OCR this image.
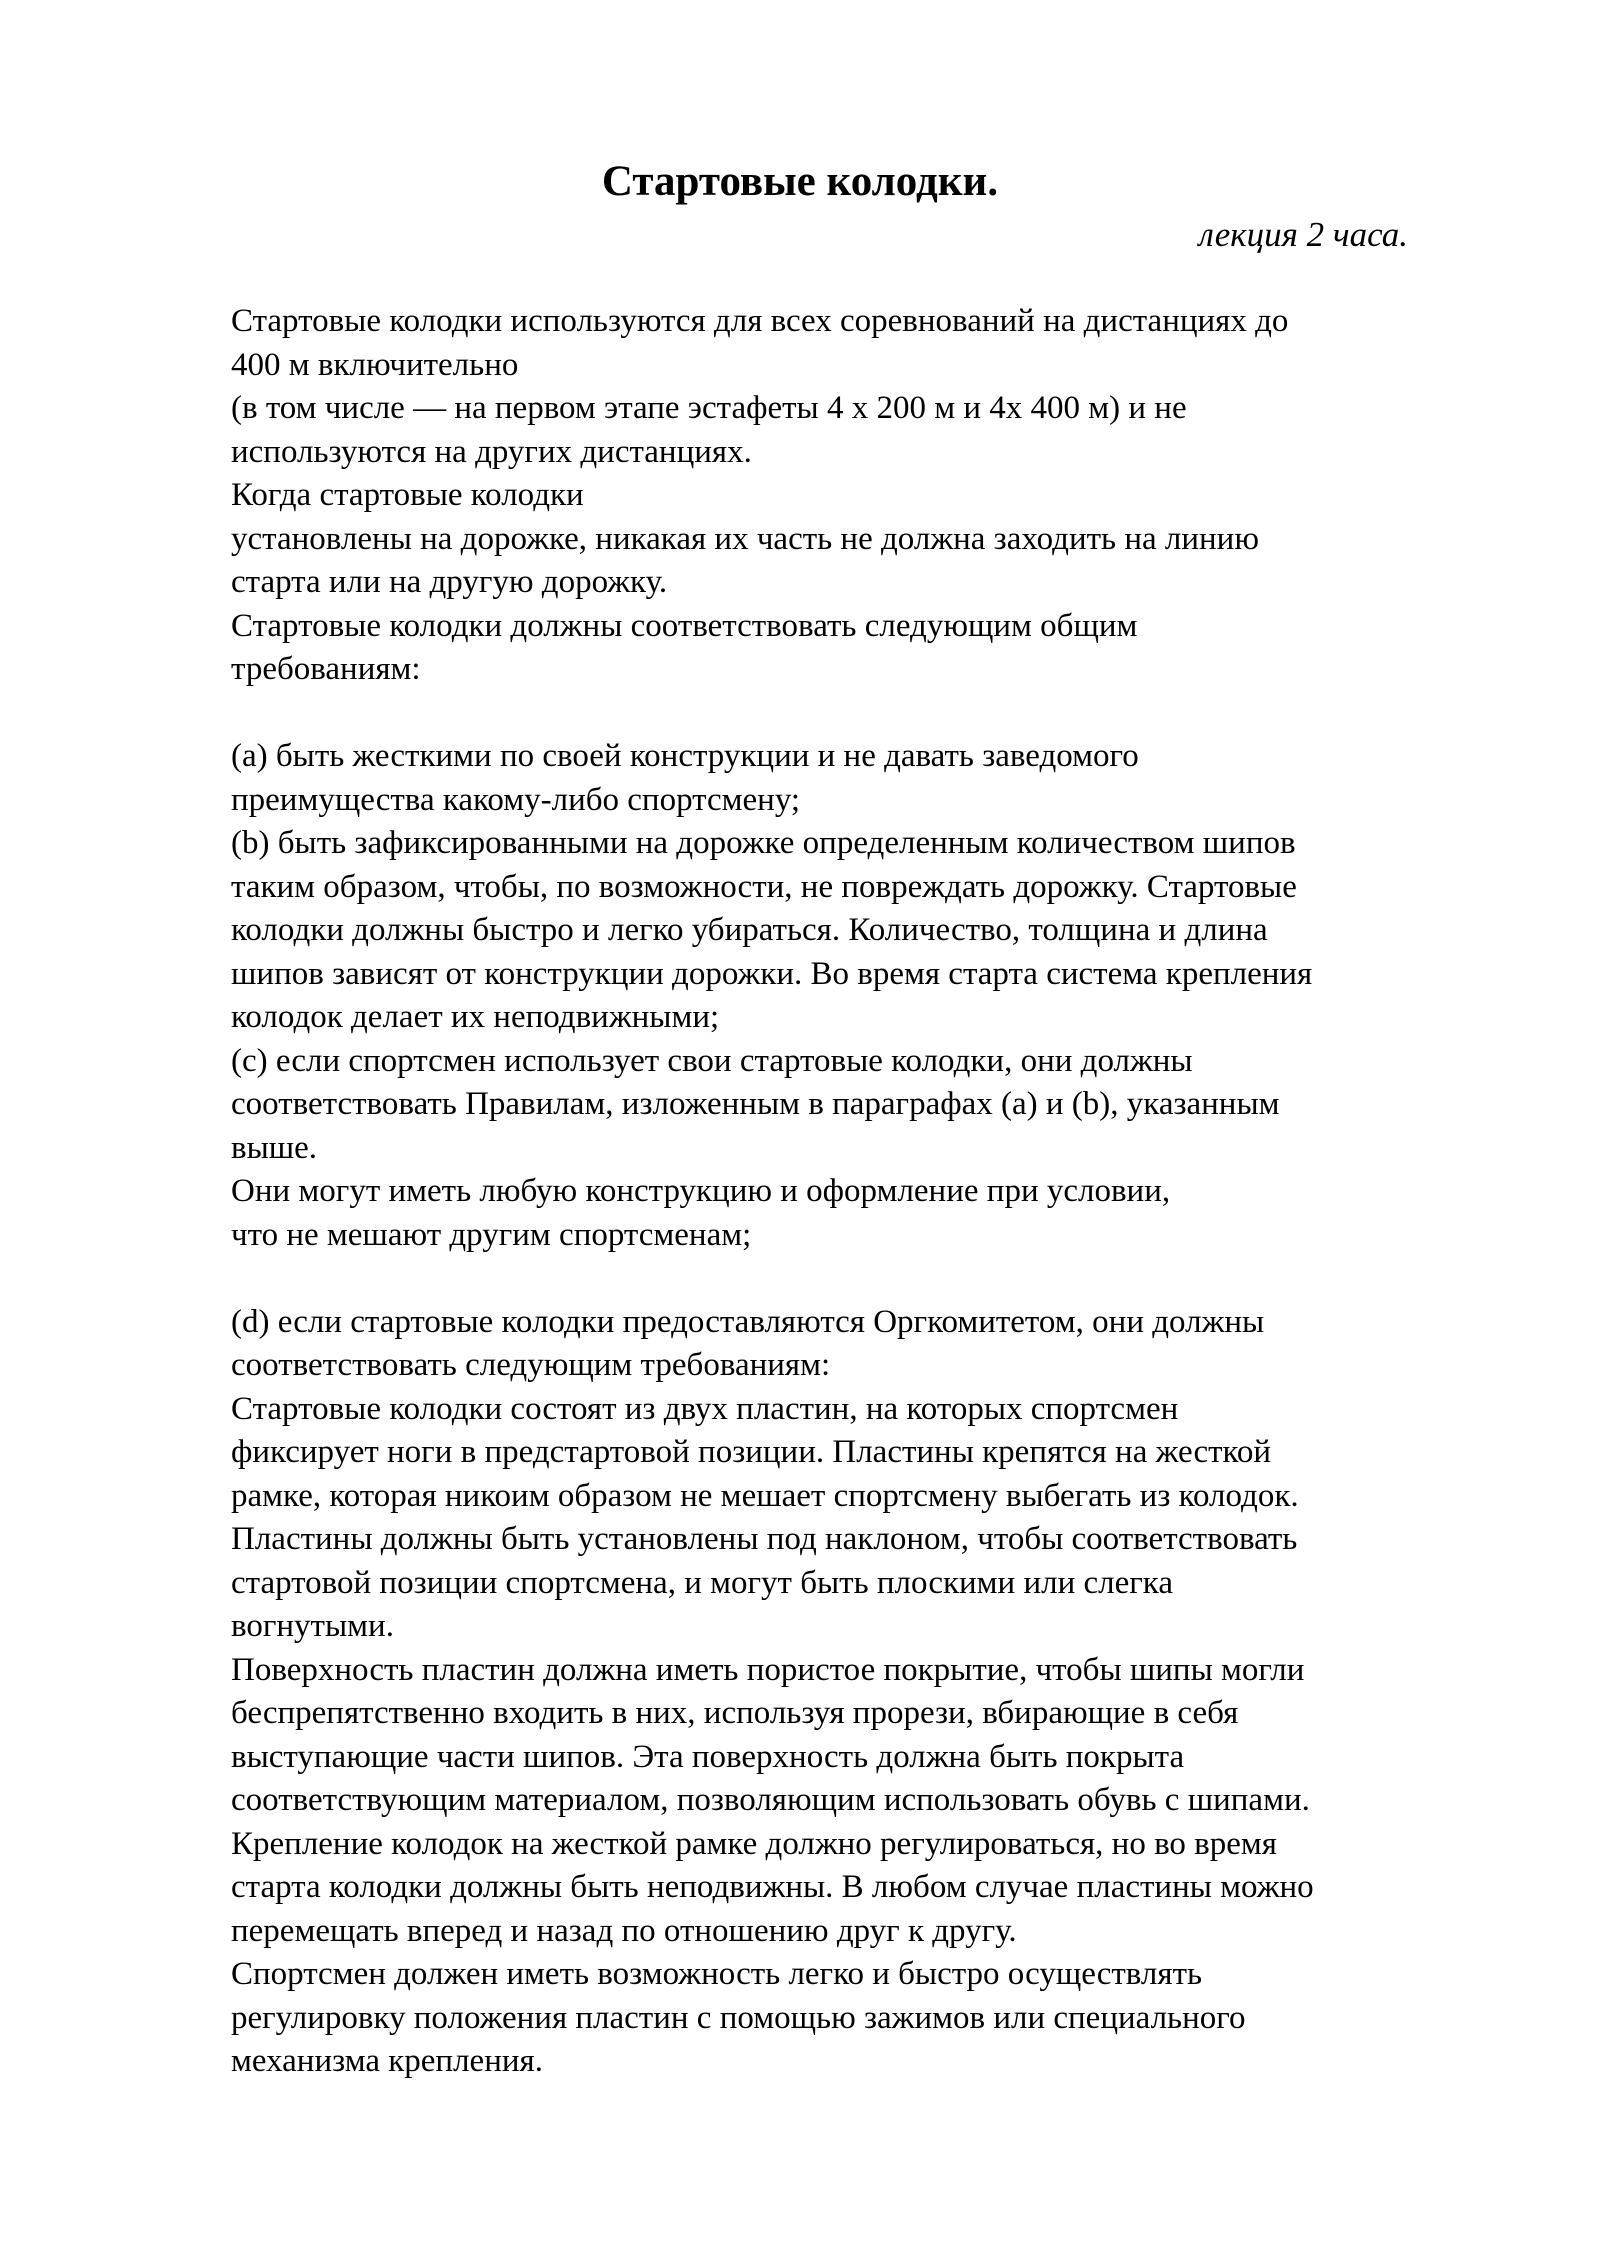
Стартовые колодки.
лекция 2 часа.
Стартовые колодки используются для всех соревнований на дистанциях до
400 м включительно
(в том числе — на первом этапе эстафеты 4 х 200 м и 4х 400 м) и не
используются на других дистанциях.
Когда стартовые колодки
установлены на дорожке, никакая их часть не должна заходить на линию
старта или на другую дорожку.
Стартовые колодки должны соответствовать следующим общим
требованиям:
(a) быть жесткими по своей конструкции и не давать заведомого
преимущества какому-либо спортсмену;
(b) быть зафиксированными на дорожке определенным количеством шипов
таким образом, чтобы, по возможности, не повреждать дорожку. Стартовые
колодки должны быстро и легко убираться. Количество, толщина и длина
шипов зависят от конструкции дорожки. Во время старта система крепления
колодок делает их неподвижными;
(c) если спортсмен использует свои стартовые колодки, они должны
соответствовать Правилам, изложенным в параграфах (a) и (b), указанным
выше.
Они могут иметь любую конструкцию и оформление при условии,
что не мешают другим спортсменам;
(d) если стартовые колодки предоставляются Оргкомитетом, они должны
соответствовать следующим требованиям:
Стартовые колодки состоят из двух пластин, на которых спортсмен
фиксирует ноги в предстартовой позиции. Пластины крепятся на жесткой
рамке, которая никоим образом не мешает спортсмену выбегать из колодок.
Пластины должны быть установлены под наклоном, чтобы соответствовать
стартовой позиции спортсмена, и могут быть плоскими или слегка
вогнутыми.
Поверхность пластин должна иметь пористое покрытие, чтобы шипы могли
беспрепятственно входить в них, используя прорези, вбирающие в себя
выступающие части шипов. Эта поверхность должна быть покрыта
соответствующим материалом, позволяющим использовать обувь с шипами.
Крепление колодок на жесткой рамке должно регулироваться, но во время
старта колодки должны быть неподвижны. В любом случае пластины можно
перемещать вперед и назад по отношению друг к другу.
Спортсмен должен иметь возможность легко и быстро осуществлять
регулировку положения пластин с помощью зажимов или специального
механизма крепления.
